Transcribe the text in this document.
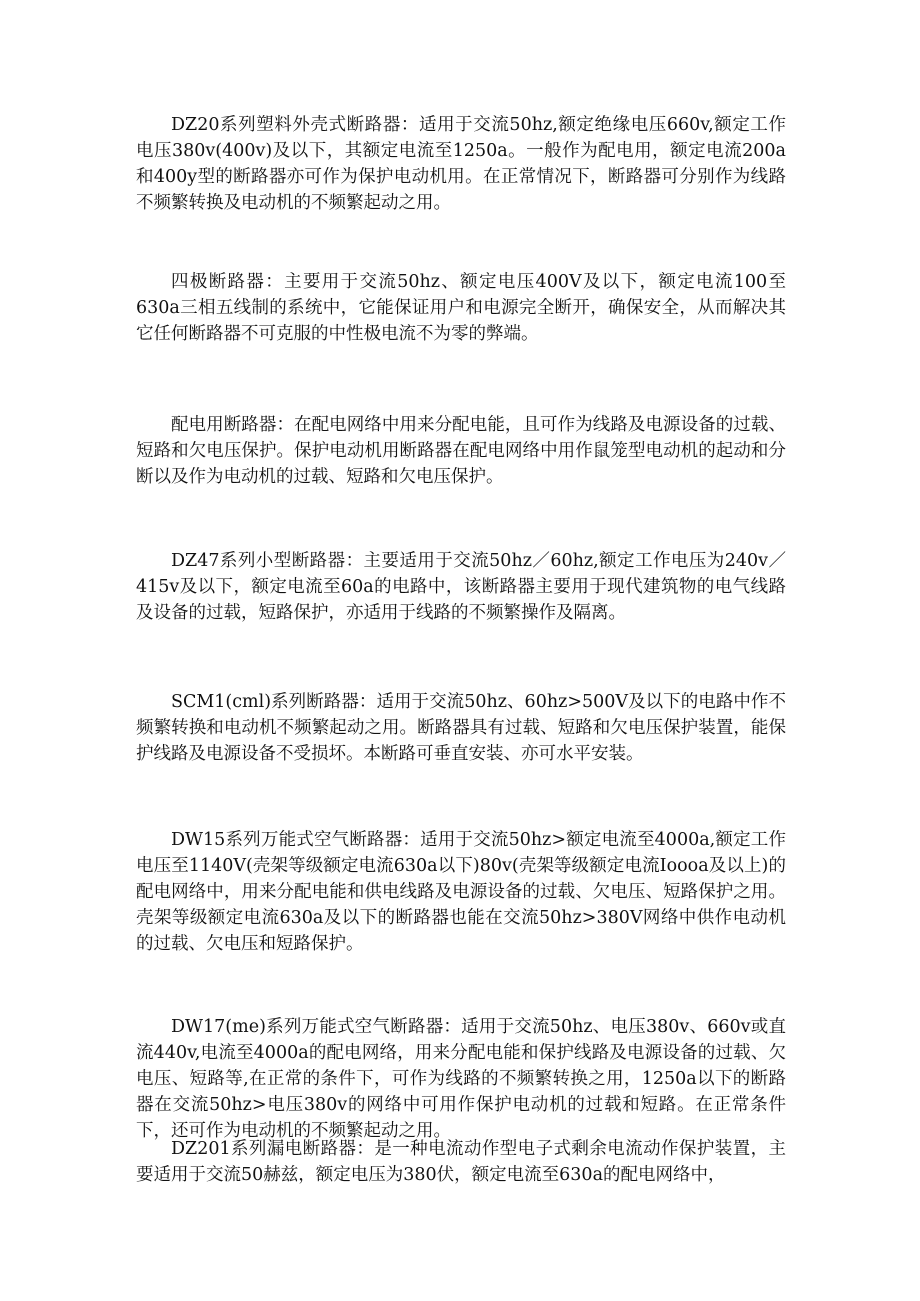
DZ20系列塑料外壳式断路器：适用于交流50hz,额定绝缘电压660v,额定工作电压380v(400v)及以下，其额定电流至1250a。一般作为配电用，额定电流200a和400y型的断路器亦可作为保护电动机用。在正常情况下，断路器可分别作为线路不频繁转换及电动机的不频繁起动之用。

四极断路器：主要用于交流50hz、额定电压400V及以下，额定电流100至630a三相五线制的系统中，它能保证用户和电源完全断开，确保安全，从而解决其它任何断路器不可克服的中性极电流不为零的弊端。

配电用断路器：在配电网络中用来分配电能，且可作为线路及电源设备的过载、短路和欠电压保护。保护电动机用断路器在配电网络中用作鼠笼型电动机的起动和分断以及作为电动机的过载、短路和欠电压保护。

DZ47系列小型断路器：主要适用于交流50hz／60hz,额定工作电压为240v／415v及以下，额定电流至60a的电路中，该断路器主要用于现代建筑物的电气线路及设备的过载，短路保护，亦适用于线路的不频繁操作及隔离。

SCM1(cml)系列断路器：适用于交流50hz、60hz>500V及以下的电路中作不频繁转换和电动机不频繁起动之用。断路器具有过载、短路和欠电压保护装置，能保护线路及电源设备不受损坏。本断路可垂直安装、亦可水平安装。

DW15系列万能式空气断路器：适用于交流50hz>额定电流至4000a,额定工作电压至1140V(壳架等级额定电流630a以下)80v(壳架等级额定电流Ioooa及以上)的配电网络中，用来分配电能和供电线路及电源设备的过载、欠电压、短路保护之用。壳架等级额定电流630a及以下的断路器也能在交流50hz>380V网络中供作电动机的过载、欠电压和短路保护。

DW17(me)系列万能式空气断路器：适用于交流50hz、电压380v、660v或直流440v,电流至4000a的配电网络，用来分配电能和保护线路及电源设备的过载、欠电压、短路等,在正常的条件下，可作为线路的不频繁转换之用，1250a以下的断路器在交流50hz>电压380v的网络中可用作保护电动机的过载和短路。在正常条件下，还可作为电动机的不频繁起动之用。

DZ201系列漏电断路器：是一种电流动作型电子式剩余电流动作保护装置，主要适用于交流50赫兹，额定电压为380伏，额定电流至630a的配电网络中，
